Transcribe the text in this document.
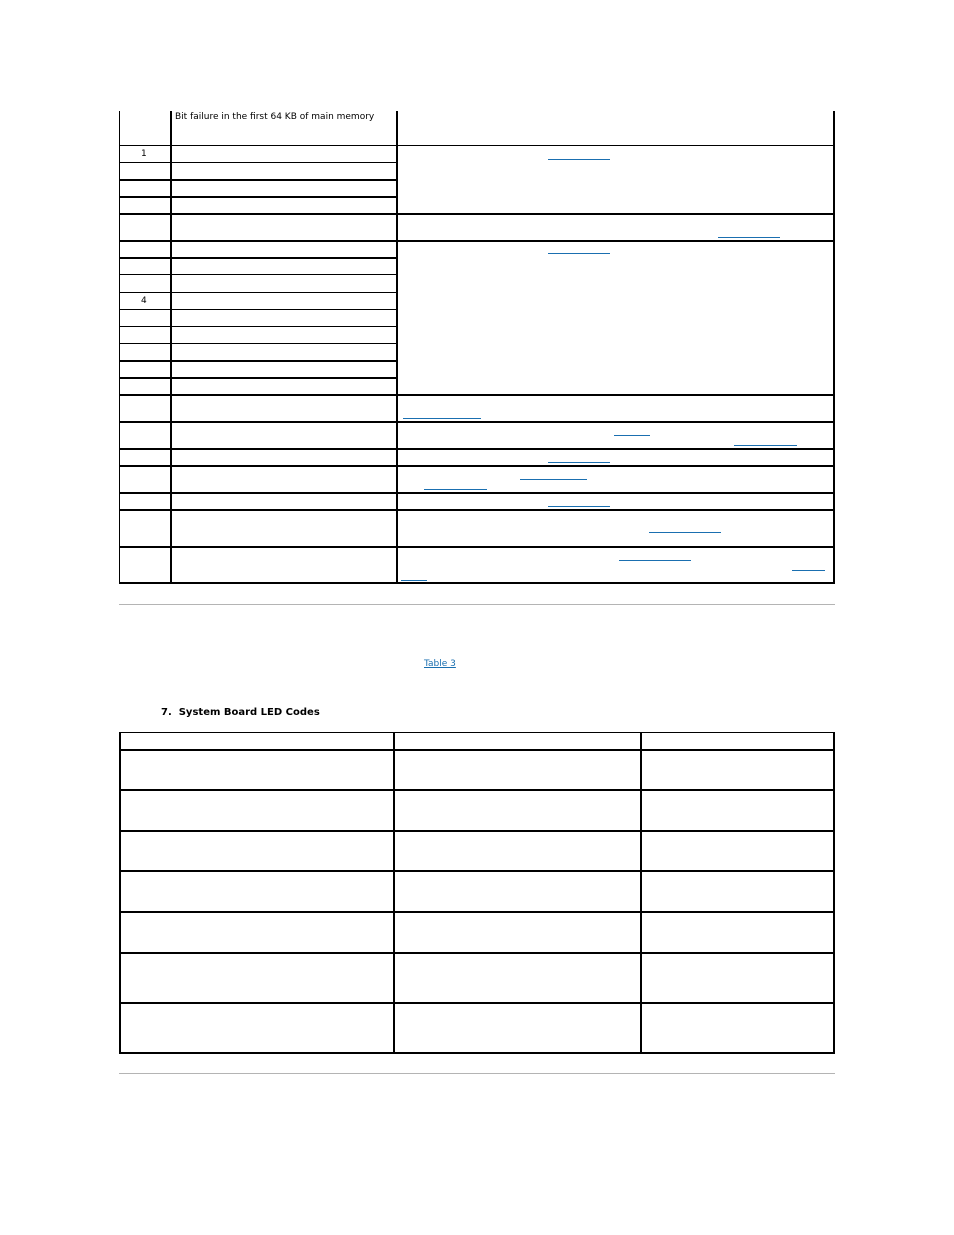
Bit failure in the first 64 KB of main memory
1
4
Table 3
7. System Board LED Codes
